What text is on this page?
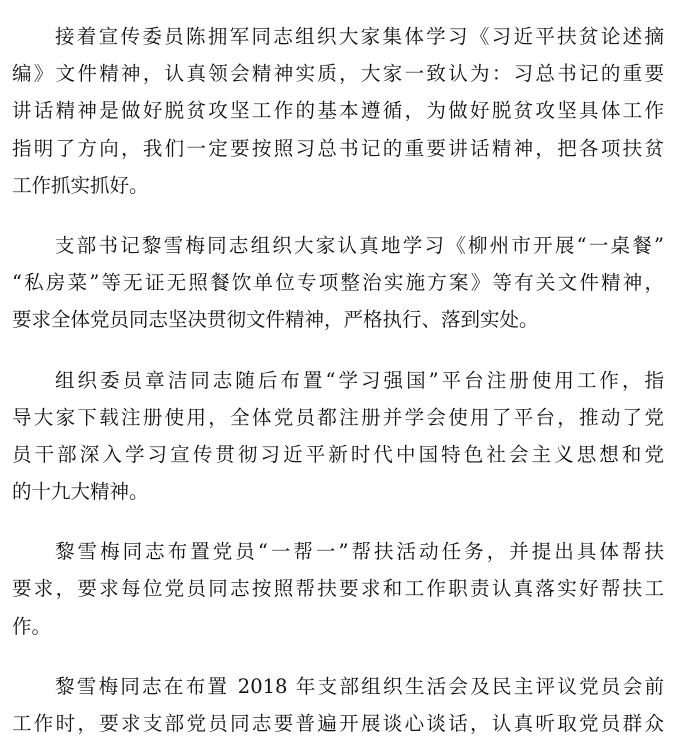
接着宣传委员陈拥军同志组织大家集体学习《习近平扶贫论述摘
编》文件精神，认真领会精神实质，大家一致认为：习总书记的重要
讲话精神是做好脱贫攻坚工作的基本遵循，为做好脱贫攻坚具体工作
指明了方向，我们一定要按照习总书记的重要讲话精神，把各项扶贫
工作抓实抓好。
支部书记黎雪梅同志组织大家认真地学习《柳州市开展“一桌餐”
“私房菜”等无证无照餐饮单位专项整治实施方案》等有关文件精神，
要求全体党员同志坚决贯彻文件精神，严格执行、落到实处。
组织委员章洁同志随后布置“学习强国”平台注册使用工作，指
导大家下载注册使用，全体党员都注册并学会使用了平台，推动了党
员干部深入学习宣传贯彻习近平新时代中国特色社会主义思想和党
的十九大精神。
黎雪梅同志布置党员“一帮一”帮扶活动任务，并提出具体帮扶
要求，要求每位党员同志按照帮扶要求和工作职责认真落实好帮扶工
作。
黎雪梅同志在布置 2018 年支部组织生活会及民主评议党员会前
工作时，要求支部党员同志要普遍开展谈心谈话，认真听取党员群众
